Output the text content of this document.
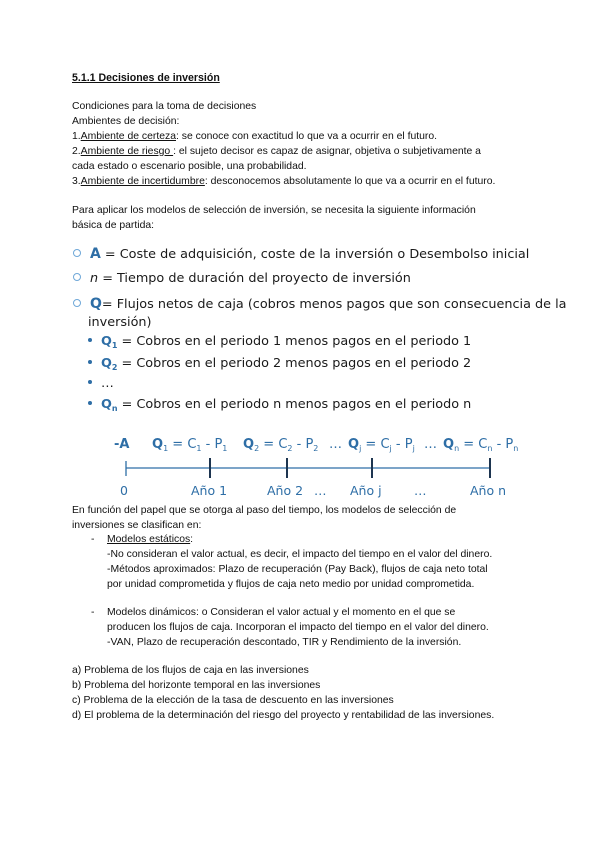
5.1.1 Decisiones de inversión
Condiciones para la toma de decisiones
Ambientes de decisión:
1.Ambiente de certeza: se conoce con exactitud lo que va a ocurrir en el futuro.
2.Ambiente de riesgo : el sujeto decisor es capaz de asignar, objetiva o subjetivamente a
cada estado o escenario posible, una probabilidad.
3.Ambiente de incertidumbre: desconocemos absolutamente lo que va a ocurrir en el futuro.
Para aplicar los modelos de selección de inversión, se necesita la siguiente información
básica de partida:
A = Coste de adquisición, coste de la inversión o Desembolso inicial
n = Tiempo de duración del proyecto de inversión
Q= Flujos netos de caja (cobros menos pagos que son consecuencia de la
inversión)
$Q_1$ = Cobros en el periodo 1 menos pagos en el periodo 1
$Q_2$ = Cobros en el periodo 2 menos pagos en el periodo 2
…
$Q_n$ = Cobros en el periodo n menos pagos en el periodo n
-A $Q_1 = C_1 - P_1$ $Q_2 = C_2 - P_2$ … $Q_j = C_j - P_j$ … $Q_n = C_n - P_n$
0	Año 1	Año 2 … Año j	…	Año n
En función del papel que se otorga al paso del tiempo, los modelos de selección de
inversiones se clasifican en:
- Modelos estáticos:
-No consideran el valor actual, es decir, el impacto del tiempo en el valor del dinero.
-Métodos aproximados: Plazo de recuperación (Pay Back), flujos de caja neto total
por unidad comprometida y flujos de caja neto medio por unidad comprometida.
- Modelos dinámicos: o Consideran el valor actual y el momento en el que se
producen los flujos de caja. Incorporan el impacto del tiempo en el valor del dinero.
-VAN, Plazo de recuperación descontado, TIR y Rendimiento de la inversión.
a) Problema de los flujos de caja en las inversiones
b) Problema del horizonte temporal en las inversiones
c) Problema de la elección de la tasa de descuento en las inversiones
d) El problema de la determinación del riesgo del proyecto y rentabilidad de las inversiones.
